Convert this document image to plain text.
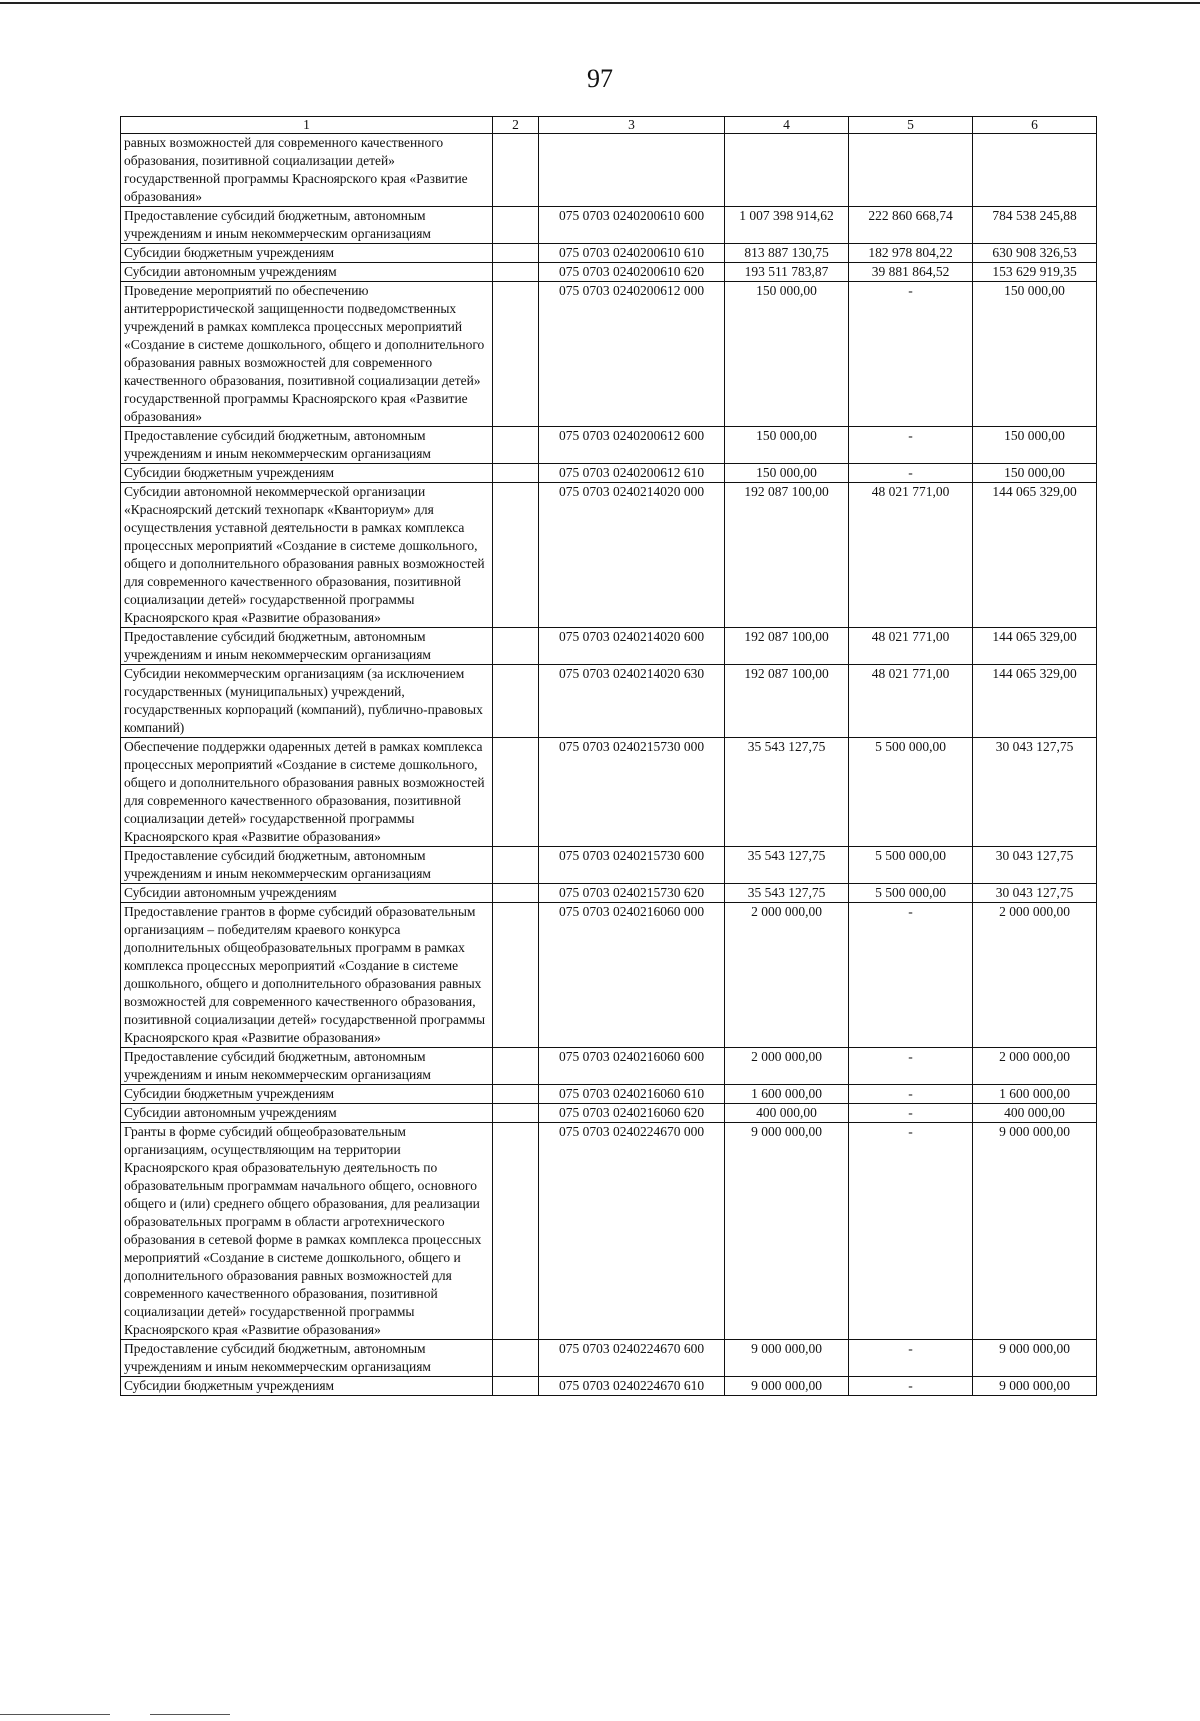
97
1	2	3	4	5	6
равных возможностей для современного качественного образования, позитивной социализации детей» государственной программы Красноярского края «Развитие образования»					
Предоставление субсидий бюджетным, автономным учреждениям и иным некоммерческим организациям		075 0703 0240200610 600	1 007 398 914,62	222 860 668,74	784 538 245,88
Субсидии бюджетным учреждениям		075 0703 0240200610 610	813 887 130,75	182 978 804,22	630 908 326,53
Субсидии автономным учреждениям		075 0703 0240200610 620	193 511 783,87	39 881 864,52	153 629 919,35
Проведение мероприятий по обеспечению антитеррористической защищенности подведомственных учреждений в рамках комплекса процессных мероприятий «Создание в системе дошкольного, общего и дополнительного образования равных возможностей для современного качественного образования, позитивной социализации детей» государственной программы Красноярского края «Развитие образования»		075 0703 0240200612 000	150 000,00	-	150 000,00
Предоставление субсидий бюджетным, автономным учреждениям и иным некоммерческим организациям		075 0703 0240200612 600	150 000,00	-	150 000,00
Субсидии бюджетным учреждениям		075 0703 0240200612 610	150 000,00	-	150 000,00
Субсидии автономной некоммерческой организации «Красноярский детский технопарк «Кванториум» для осуществления уставной деятельности в рамках комплекса процессных мероприятий «Создание в системе дошкольного, общего и дополнительного образования равных возможностей для современного качественного образования, позитивной социализации детей» государственной программы Красноярского края «Развитие образования»		075 0703 0240214020 000	192 087 100,00	48 021 771,00	144 065 329,00
Предоставление субсидий бюджетным, автономным учреждениям и иным некоммерческим организациям		075 0703 0240214020 600	192 087 100,00	48 021 771,00	144 065 329,00
Субсидии некоммерческим организациям (за исключением государственных (муниципальных) учреждений, государственных корпораций (компаний), публично-правовых компаний)		075 0703 0240214020 630	192 087 100,00	48 021 771,00	144 065 329,00
Обеспечение поддержки одаренных детей в рамках комплекса процессных мероприятий «Создание в системе дошкольного, общего и дополнительного образования равных возможностей для современного качественного образования, позитивной социализации детей» государственной программы Красноярского края «Развитие образования»		075 0703 0240215730 000	35 543 127,75	5 500 000,00	30 043 127,75
Предоставление субсидий бюджетным, автономным учреждениям и иным некоммерческим организациям		075 0703 0240215730 600	35 543 127,75	5 500 000,00	30 043 127,75
Субсидии автономным учреждениям		075 0703 0240215730 620	35 543 127,75	5 500 000,00	30 043 127,75
Предоставление грантов в форме субсидий образовательным организациям – победителям краевого конкурса дополнительных общеобразовательных программ в рамках комплекса процессных мероприятий «Создание в системе дошкольного, общего и дополнительного образования равных возможностей для современного качественного образования, позитивной социализации детей» государственной программы Красноярского края «Развитие образования»		075 0703 0240216060 000	2 000 000,00	-	2 000 000,00
Предоставление субсидий бюджетным, автономным учреждениям и иным некоммерческим организациям		075 0703 0240216060 600	2 000 000,00	-	2 000 000,00
Субсидии бюджетным учреждениям		075 0703 0240216060 610	1 600 000,00	-	1 600 000,00
Субсидии автономным учреждениям		075 0703 0240216060 620	400 000,00	-	400 000,00
Гранты в форме субсидий общеобразовательным организациям, осуществляющим на территории Красноярского края образовательную деятельность по образовательным программам начального общего, основного общего и (или) среднего общего образования, для реализации образовательных программ в области агротехнического образования в сетевой форме в рамках комплекса процессных мероприятий «Создание в системе дошкольного, общего и дополнительного образования равных возможностей для современного качественного образования, позитивной социализации детей» государственной программы Красноярского края «Развитие образования»		075 0703 0240224670 000	9 000 000,00	-	9 000 000,00
Предоставление субсидий бюджетным, автономным учреждениям и иным некоммерческим организациям		075 0703 0240224670 600	9 000 000,00	-	9 000 000,00
Субсидии бюджетным учреждениям		075 0703 0240224670 610	9 000 000,00	-	9 000 000,00
